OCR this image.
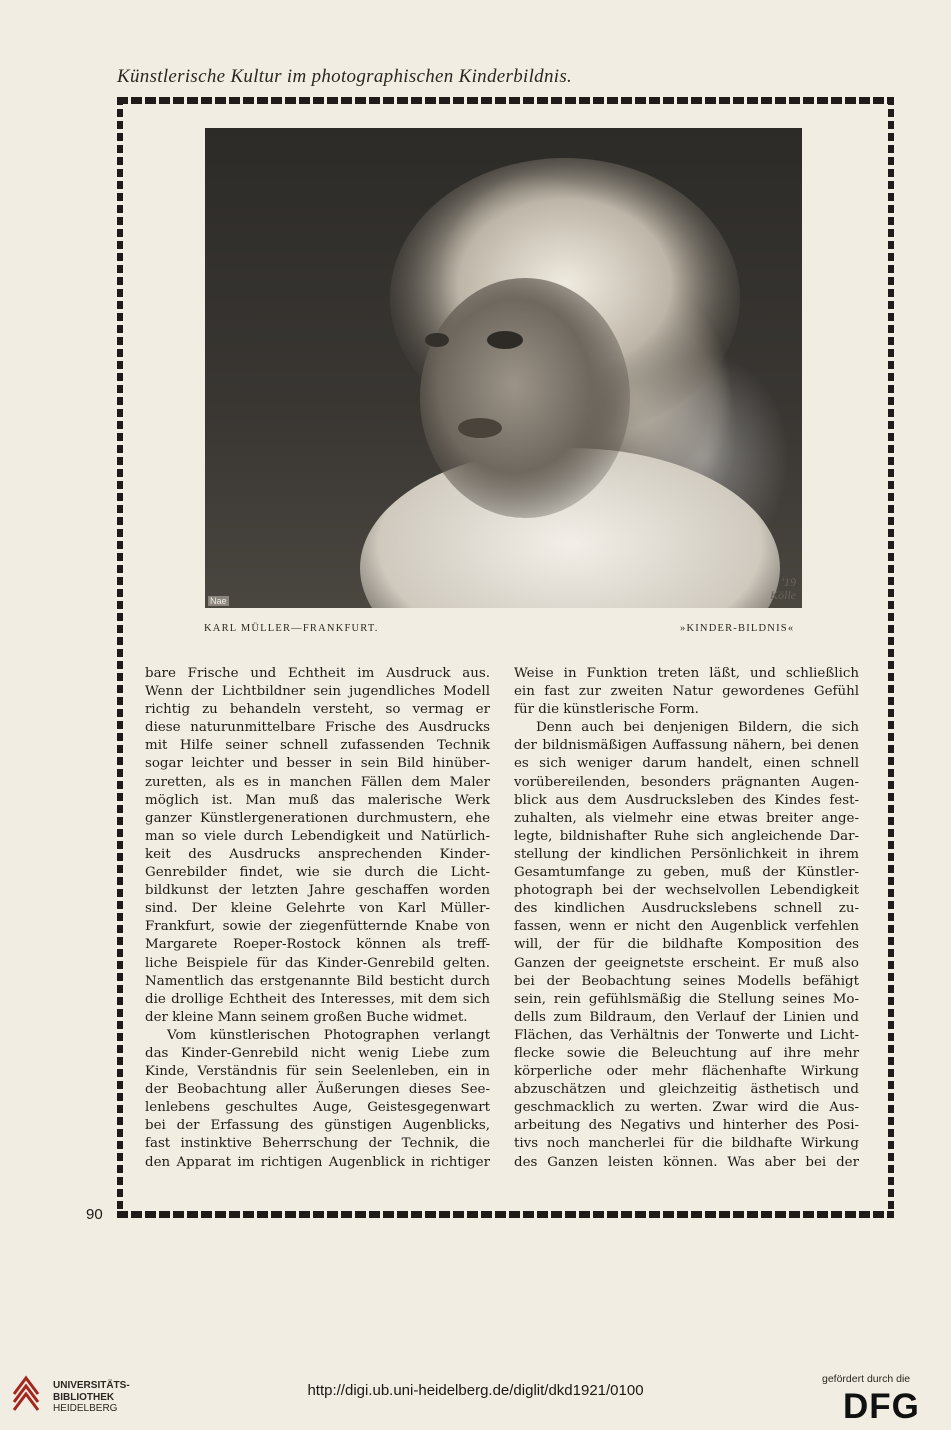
Künstlerische Kultur im photographischen Kinderbildnis.
Nae
'19
Kölle
KARL MÜLLER—FRANKFURT.	»KINDER-BILDNIS«
bare Frische und Echtheit im Ausdruck aus.
Wenn der Lichtbildner sein jugendliches Modell
richtig zu behandeln versteht, so vermag er
diese naturunmittelbare Frische des Ausdrucks
mit Hilfe seiner schnell zufassenden Technik
sogar leichter und besser in sein Bild hinüber-
zuretten, als es in manchen Fällen dem Maler
möglich ist. Man muß das malerische Werk
ganzer Künstlergenerationen durchmustern, ehe
man so viele durch Lebendigkeit und Natürlich-
keit des Ausdrucks ansprechenden Kinder-
Genrebilder findet, wie sie durch die Licht-
bildkunst der letzten Jahre geschaffen worden
sind. Der kleine Gelehrte von Karl Müller-
Frankfurt, sowie der ziegenfütternde Knabe von
Margarete Roeper-Rostock können als treff-
liche Beispiele für das Kinder-Genrebild gelten.
Namentlich das erstgenannte Bild besticht durch
die drollige Echtheit des Interesses, mit dem sich
der kleine Mann seinem großen Buche widmet.
Vom künstlerischen Photographen verlangt
das Kinder-Genrebild nicht wenig Liebe zum
Kinde, Verständnis für sein Seelenleben, ein in
der Beobachtung aller Äußerungen dieses See-
lenlebens geschultes Auge, Geistesgegenwart
bei der Erfassung des günstigen Augenblicks,
fast instinktive Beherrschung der Technik, die
den Apparat im richtigen Augenblick in richtiger
Weise in Funktion treten läßt, und schließlich
ein fast zur zweiten Natur gewordenes Gefühl
für die künstlerische Form.
Denn auch bei denjenigen Bildern, die sich
der bildnismäßigen Auffassung nähern, bei denen
es sich weniger darum handelt, einen schnell
vorübereilenden, besonders prägnanten Augen-
blick aus dem Ausdrucksleben des Kindes fest-
zuhalten, als vielmehr eine etwas breiter ange-
legte, bildnishafter Ruhe sich angleichende Dar-
stellung der kindlichen Persönlichkeit in ihrem
Gesamtumfange zu geben, muß der Künstler-
photograph bei der wechselvollen Lebendigkeit
des kindlichen Ausdruckslebens schnell zu-
fassen, wenn er nicht den Augenblick verfehlen
will, der für die bildhafte Komposition des
Ganzen der geeignetste erscheint. Er muß also
bei der Beobachtung seines Modells befähigt
sein, rein gefühlsmäßig die Stellung seines Mo-
dells zum Bildraum, den Verlauf der Linien und
Flächen, das Verhältnis der Tonwerte und Licht-
flecke sowie die Beleuchtung auf ihre mehr
körperliche oder mehr flächenhafte Wirkung
abzuschätzen und gleichzeitig ästhetisch und
geschmacklich zu werten. Zwar wird die Aus-
arbeitung des Negativs und hinterher des Posi-
tivs noch mancherlei für die bildhafte Wirkung
des Ganzen leisten können. Was aber bei der
90
UNIVERSITÄTS-
BIBLIOTHEK
HEIDELBERG
http://digi.ub.uni-heidelberg.de/diglit/dkd1921/0100
gefördert durch die
DFG
